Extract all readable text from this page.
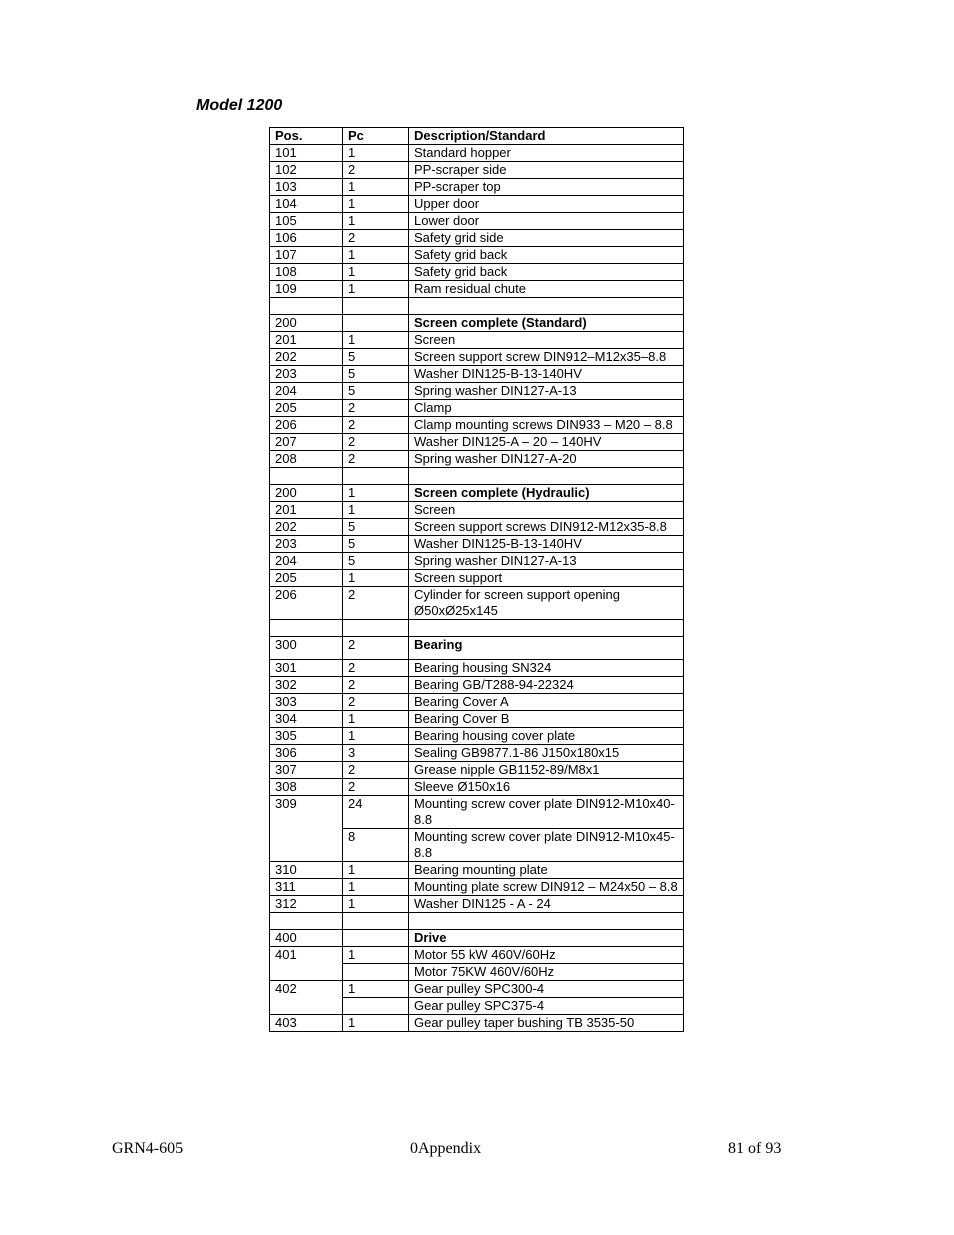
Model 1200
Pos.	Pc	Description/Standard
101	1	Standard hopper
102	2	PP-scraper side
103	1	PP-scraper top
104	1	Upper door
105	1	Lower door
106	2	Safety grid side
107	1	Safety grid back
108	1	Safety grid back
109	1	Ram residual chute

200		Screen complete (Standard)
201	1	Screen
202	5	Screen support screw DIN912–M12x35–8.8
203	5	Washer DIN125-B-13-140HV
204	5	Spring washer DIN127-A-13
205	2	Clamp
206	2	Clamp mounting screws DIN933 – M20 – 8.8
207	2	Washer DIN125-A – 20 – 140HV
208	2	Spring washer DIN127-A-20

200	1	Screen complete (Hydraulic)
201	1	Screen
202	5	Screen support screws DIN912-M12x35-8.8
203	5	Washer DIN125-B-13-140HV
204	5	Spring washer DIN127-A-13
205	1	Screen support
206	2	Cylinder for screen support opening Ø50xØ25x145

300	2	Bearing
301	2	Bearing housing SN324
302	2	Bearing GB/T288-94-22324
303	2	Bearing Cover A
304	1	Bearing Cover B
305	1	Bearing housing cover plate
306	3	Sealing GB9877.1-86 J150x180x15
307	2	Grease nipple GB1152-89/M8x1
308	2	Sleeve Ø150x16
309	24	Mounting screw cover plate DIN912-M10x40-8.8
	8	Mounting screw cover plate DIN912-M10x45-8.8
310	1	Bearing mounting plate
311	1	Mounting plate screw DIN912 – M24x50 – 8.8
312	1	Washer DIN125 - A - 24

400		Drive
401	1	Motor 55 kW 460V/60Hz
		Motor 75KW 460V/60Hz
402	1	Gear pulley SPC300-4
		Gear pulley SPC375-4
403	1	Gear pulley taper bushing TB 3535-50
GRN4-605	0Appendix	81 of 93
